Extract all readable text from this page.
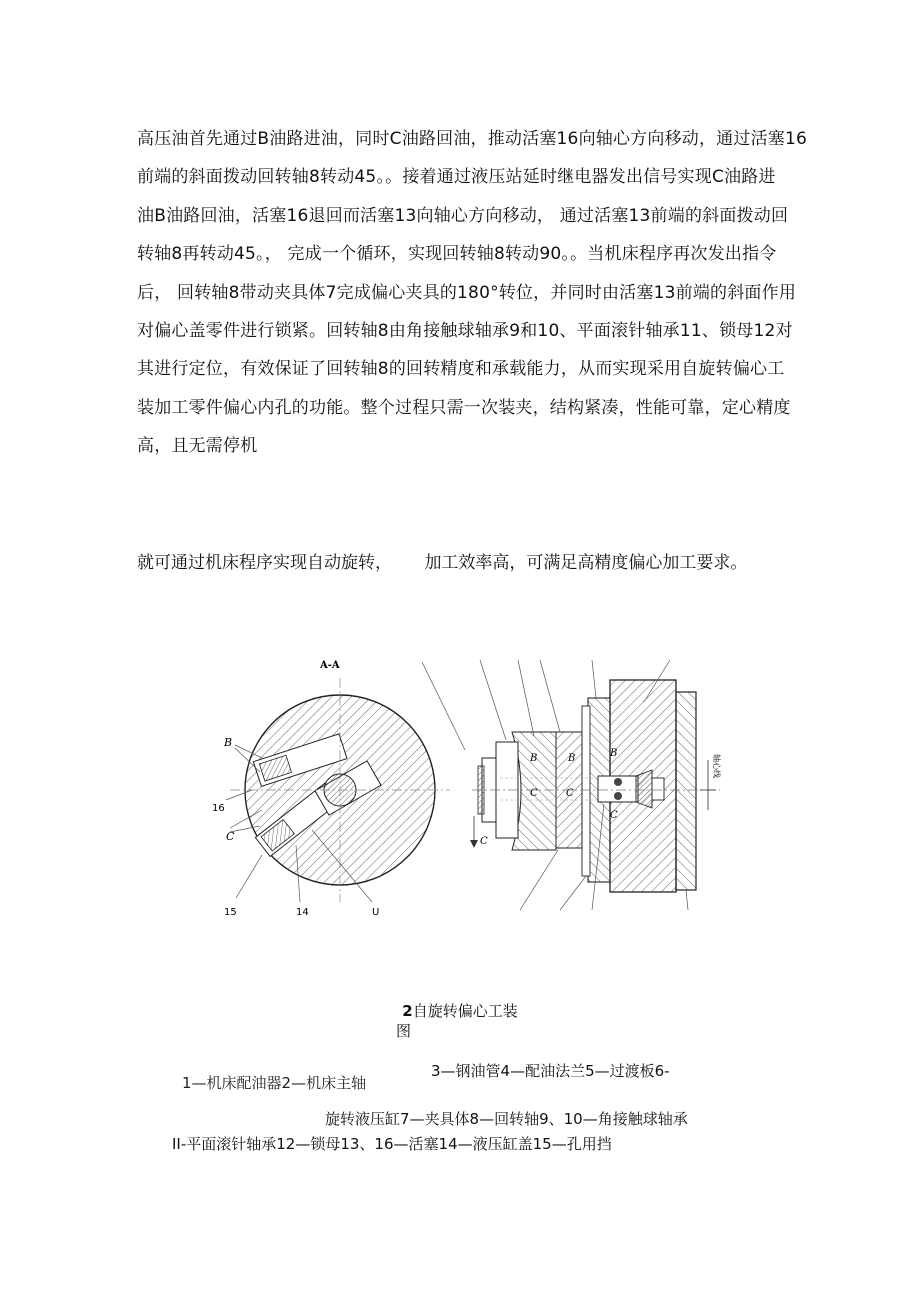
高压油首先通过B油路进油，同时C油路回油，推动活塞16向轴心方向移动，通过活塞16
前端的斜面拨动回转轴8转动45。。接着通过液压站延时继电器发出信号实现C油路进
油B油路回油，活塞16退回而活塞13向轴心方向移动， 通过活塞13前端的斜面拨动回
转轴8再转动45。， 完成一个循环，实现回转轴8转动90。。当机床程序再次发出指令
后， 回转轴8带动夹具体7完成偏心夹具的180°转位，并同时由活塞13前端的斜面作用
对偏心盖零件进行锁紧。回转轴8由角接触球轴承9和10、平面滚针轴承11、锁母12对
其进行定位，有效保证了回转轴8的回转精度和承载能力，从而实现采用自旋转偏心工
装加工零件偏心内孔的功能。整个过程只需一次装夹，结构紧凑，性能可靠，定心精度
高，且无需停机
就可通过机床程序实现自动旋转， 加工效率高，可满足高精度偏心加工要求。
A-A
B
C
16
15	14	U
B	B
C	C
C
B
C
轴心线
2自旋转偏心工装
图
1—机床配油器2—机床主轴
3—钢油管4—配油法兰5—过渡板6-
旋转液压缸7—夹具体8—回转轴9、10—角接触球轴承
II-平面滚针轴承12—锁母13、16—活塞14—液压缸盖15—孔用挡
